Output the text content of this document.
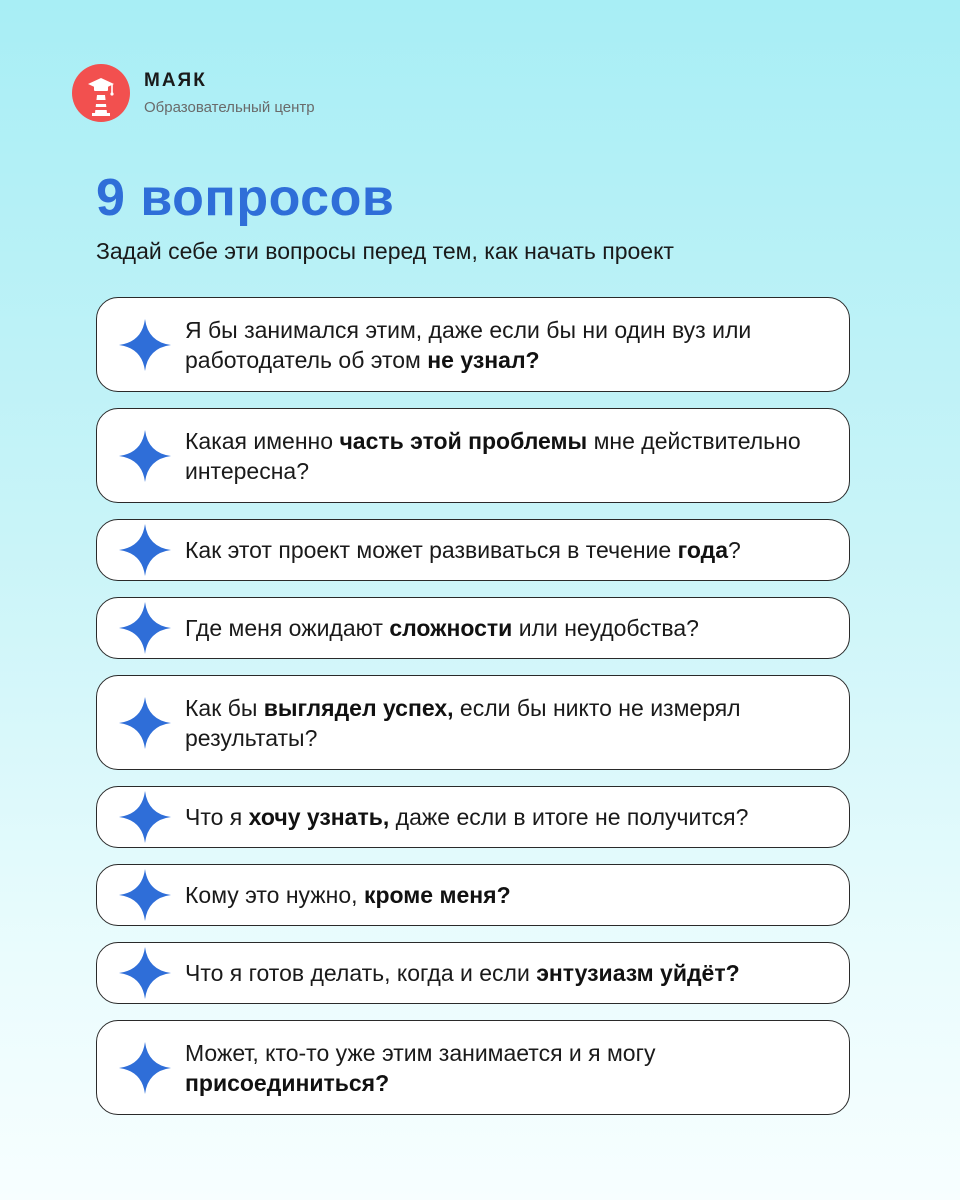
МАЯК
Образовательный центр
9 вопросов
Задай себе эти вопросы перед тем, как начать проект
Я бы занимался этим, даже если бы ни один вуз или работодатель об этом не узнал?
Какая именно часть этой проблемы мне действительно интересна?
Как этот проект может развиваться в течение года?
Где меня ожидают сложности или неудобства?
Как бы выглядел успех, если бы никто не измерял результаты?
Что я хочу узнать, даже если в итоге не получится?
Кому это нужно, кроме меня?
Что я готов делать, когда и если энтузиазм уйдёт?
Может, кто-то уже этим занимается и я могу присоединиться?
